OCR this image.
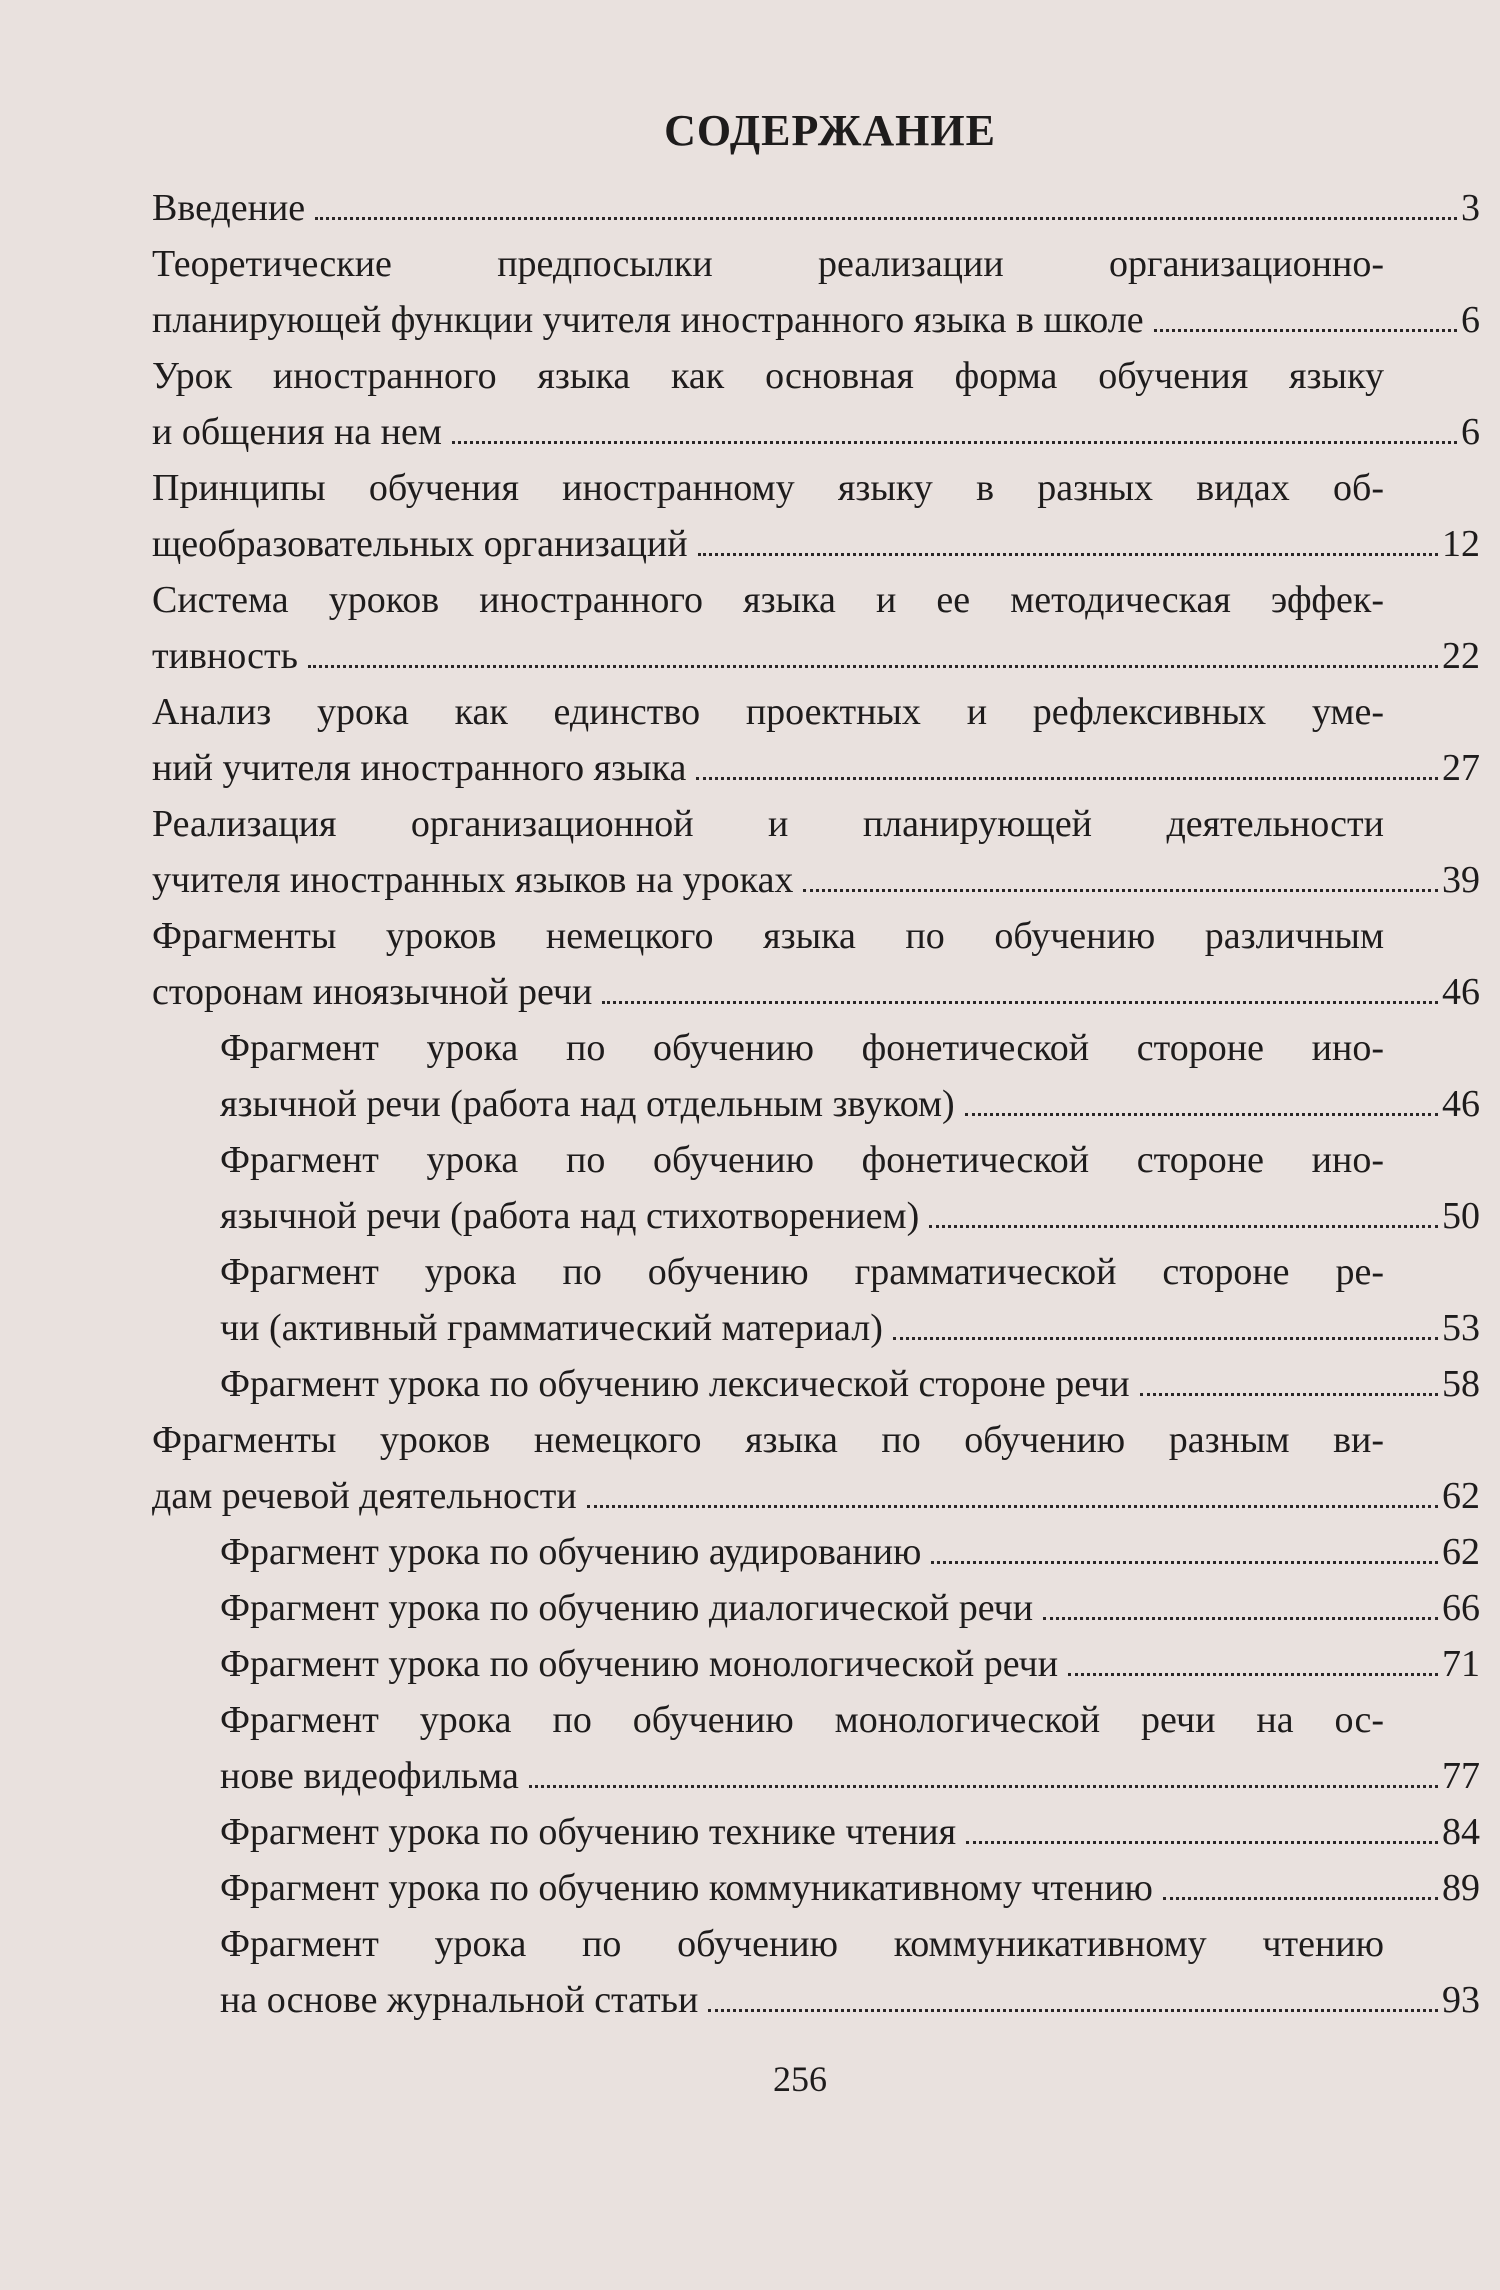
СОДЕРЖАНИЕ
Введение	3
Теоретические предпосылки реализации организационно-
планирующей функции учителя иностранного языка в школе	6
Урок иностранного языка как основная форма обучения языку
и общения на нем	6
Принципы обучения иностранному языку в разных видах об-
щеобразовательных организаций	12
Система уроков иностранного языка и ее методическая эффек-
тивность	22
Анализ урока как единство проектных и рефлексивных уме-
ний учителя иностранного языка	27
Реализация организационной и планирующей деятельности
учителя иностранных языков на уроках	39
Фрагменты уроков немецкого языка по обучению различным
сторонам иноязычной речи	46
Фрагмент урока по обучению фонетической стороне ино-
язычной речи (работа над отдельным звуком)	46
Фрагмент урока по обучению фонетической стороне ино-
язычной речи (работа над стихотворением)	50
Фрагмент урока по обучению грамматической стороне ре-
чи (активный грамматический материал)	53
Фрагмент урока по обучению лексической стороне речи	58
Фрагменты уроков немецкого языка по обучению разным ви-
дам речевой деятельности	62
Фрагмент урока по обучению аудированию	62
Фрагмент урока по обучению диалогической речи	66
Фрагмент урока по обучению монологической речи	71
Фрагмент урока по обучению монологической речи на ос-
нове видеофильма	77
Фрагмент урока по обучению технике чтения	84
Фрагмент урока по обучению коммуникативному чтению	89
Фрагмент урока по обучению коммуникативному чтению
на основе журнальной статьи	93
256
